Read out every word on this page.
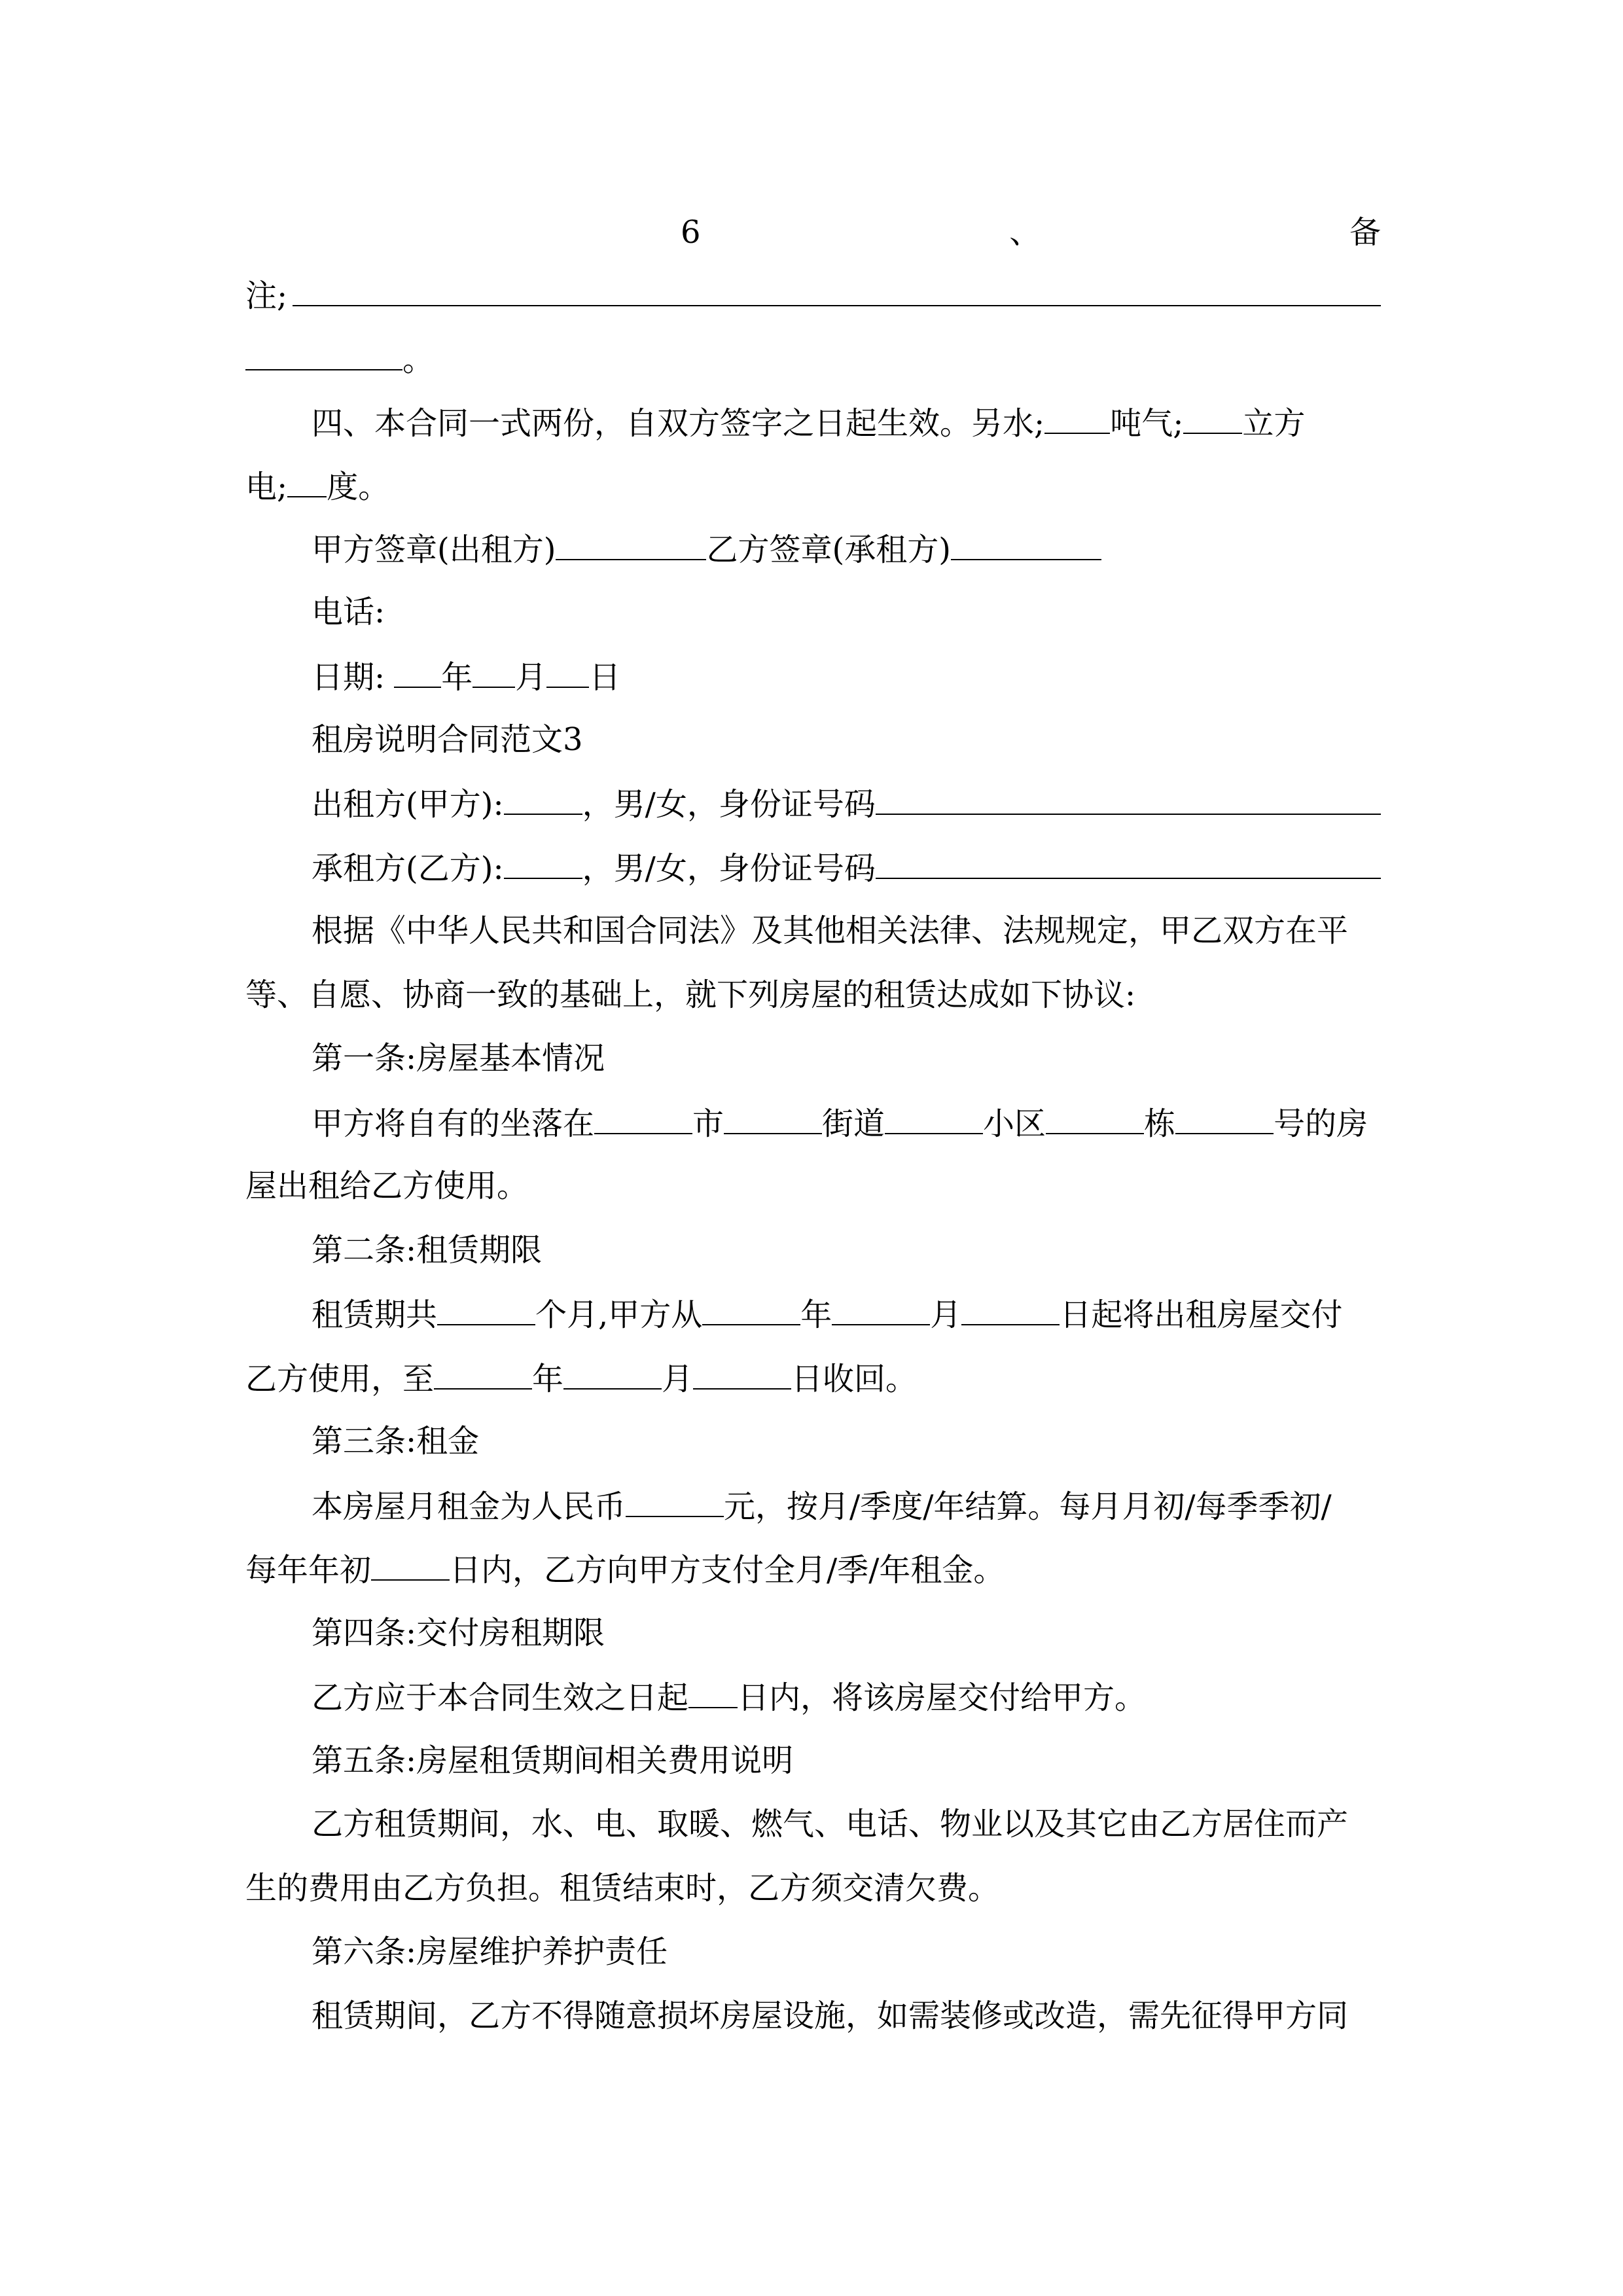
6	、	备
注;
。
四、本合同一式两份，自双方签字之日起生效。另水; 吨气; 立方
电; 度。
甲方签章(出租方)	乙方签章(承租方)
电话:
日期: 年 月 日
租房说明合同范文3
出租方(甲方):	，男/女，身份证号码
承租方(乙方):	，男/女，身份证号码
根据《中华人民共和国合同法》及其他相关法律、法规规定，甲乙双方在平
等、自愿、协商一致的基础上，就下列房屋的租赁达成如下协议:
第一条:房屋基本情况
甲方将自有的坐落在	市	街道	小区	栋	号的房
屋出租给乙方使用。
第二条:租赁期限
租赁期共	个月,甲方从	年	月	日起将出租房屋交付
乙方使用，至	年	月	日收回。
第三条:租金
本房屋月租金为人民币	元，按月/季度/年结算。每月月初/每季季初/
每年年初	日内，乙方向甲方支付全月/季/年租金。
第四条:交付房租期限
乙方应于本合同生效之日起 日内，将该房屋交付给甲方。
第五条:房屋租赁期间相关费用说明
乙方租赁期间，水、电、取暖、燃气、电话、物业以及其它由乙方居住而产
生的费用由乙方负担。租赁结束时，乙方须交清欠费。
第六条:房屋维护养护责任
租赁期间，乙方不得随意损坏房屋设施，如需装修或改造，需先征得甲方同
